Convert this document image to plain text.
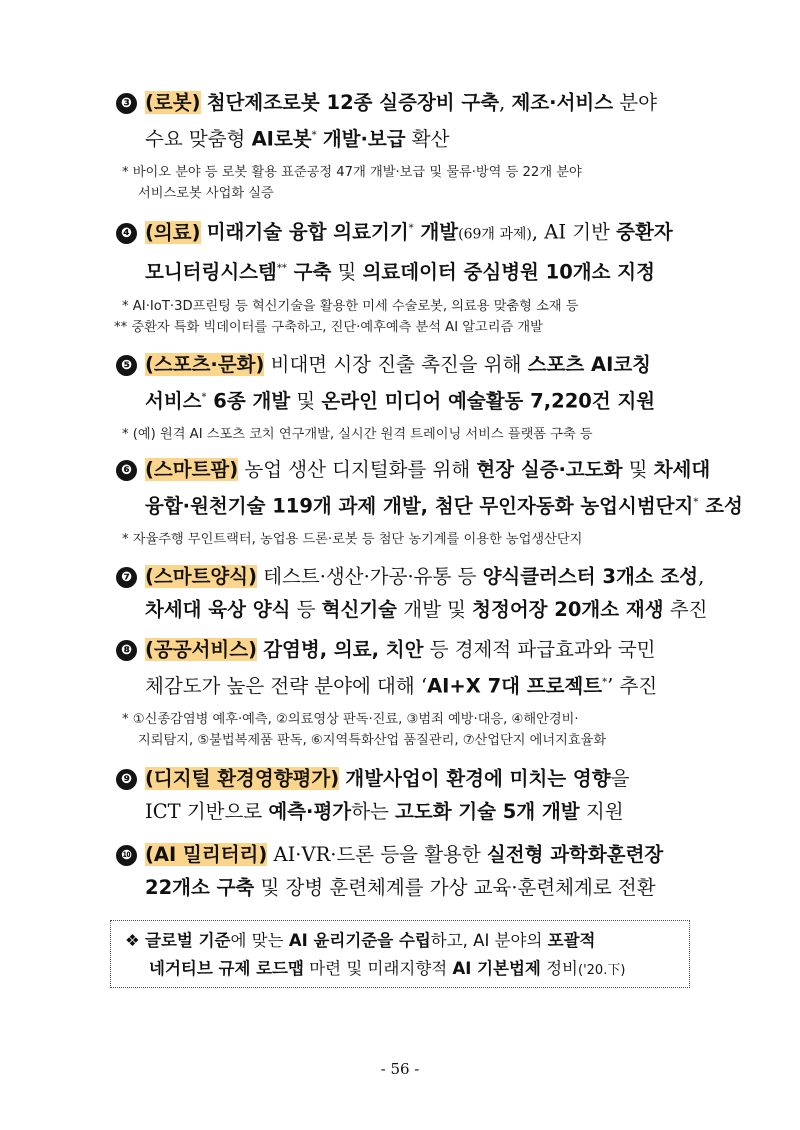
❸ (로봇) 첨단제조로봇 12종 실증장비 구축, 제조·서비스 분야
수요 맞춤형 AI로봇* 개발·보급 확산
* 바이오 분야 등 로봇 활용 표준공정 47개 개발·보급 및 물류·방역 등 22개 분야
서비스로봇 사업화 실증
❹ (의료) 미래기술 융합 의료기기* 개발(69개 과제), AI 기반 중환자
모니터링시스템** 구축 및 의료데이터 중심병원 10개소 지정
* AI·IoT·3D프린팅 등 혁신기술을 활용한 미세 수술로봇, 의료용 맞춤형 소재 등
** 중환자 특화 빅데이터를 구축하고, 진단·예후예측 분석 AI 알고리즘 개발
❺ (스포츠·문화) 비대면 시장 진출 촉진을 위해 스포츠 AI코칭
서비스* 6종 개발 및 온라인 미디어 예술활동 7,220건 지원
* (예) 원격 AI 스포츠 코치 연구개발, 실시간 원격 트레이닝 서비스 플랫폼 구축 등
❻ (스마트팜) 농업 생산 디지털화를 위해 현장 실증·고도화 및 차세대
융합·원천기술 119개 과제 개발, 첨단 무인자동화 농업시범단지* 조성
* 자율주행 무인트랙터, 농업용 드론·로봇 등 첨단 농기계를 이용한 농업생산단지
❼ (스마트양식) 테스트·생산·가공·유통 등 양식클러스터 3개소 조성,
차세대 육상 양식 등 혁신기술 개발 및 청정어장 20개소 재생 추진
❽ (공공서비스) 감염병, 의료, 치안 등 경제적 파급효과와 국민
체감도가 높은 전략 분야에 대해 ‘AI+X 7대 프로젝트*’ 추진
* ①신종감염병 예후·예측, ②의료영상 판독·진료, ③범죄 예방·대응, ④해안경비·
지뢰탐지, ⑤불법복제품 판독, ⑥지역특화산업 품질관리, ⑦산업단지 에너지효율화
❾ (디지털 환경영향평가) 개발사업이 환경에 미치는 영향을
ICT 기반으로 예측·평가하는 고도화 기술 5개 개발 지원
❿ (AI 밀리터리) AI·VR·드론 등을 활용한 실전형 과학화훈련장
22개소 구축 및 장병 훈련체계를 가상 교육·훈련체계로 전환
❖ 글로벌 기준에 맞는 AI 윤리기준을 수립하고, AI 분야의 포괄적
네거티브 규제 로드맵 마련 및 미래지향적 AI 기본법제 정비('20.下)
- 56 -
